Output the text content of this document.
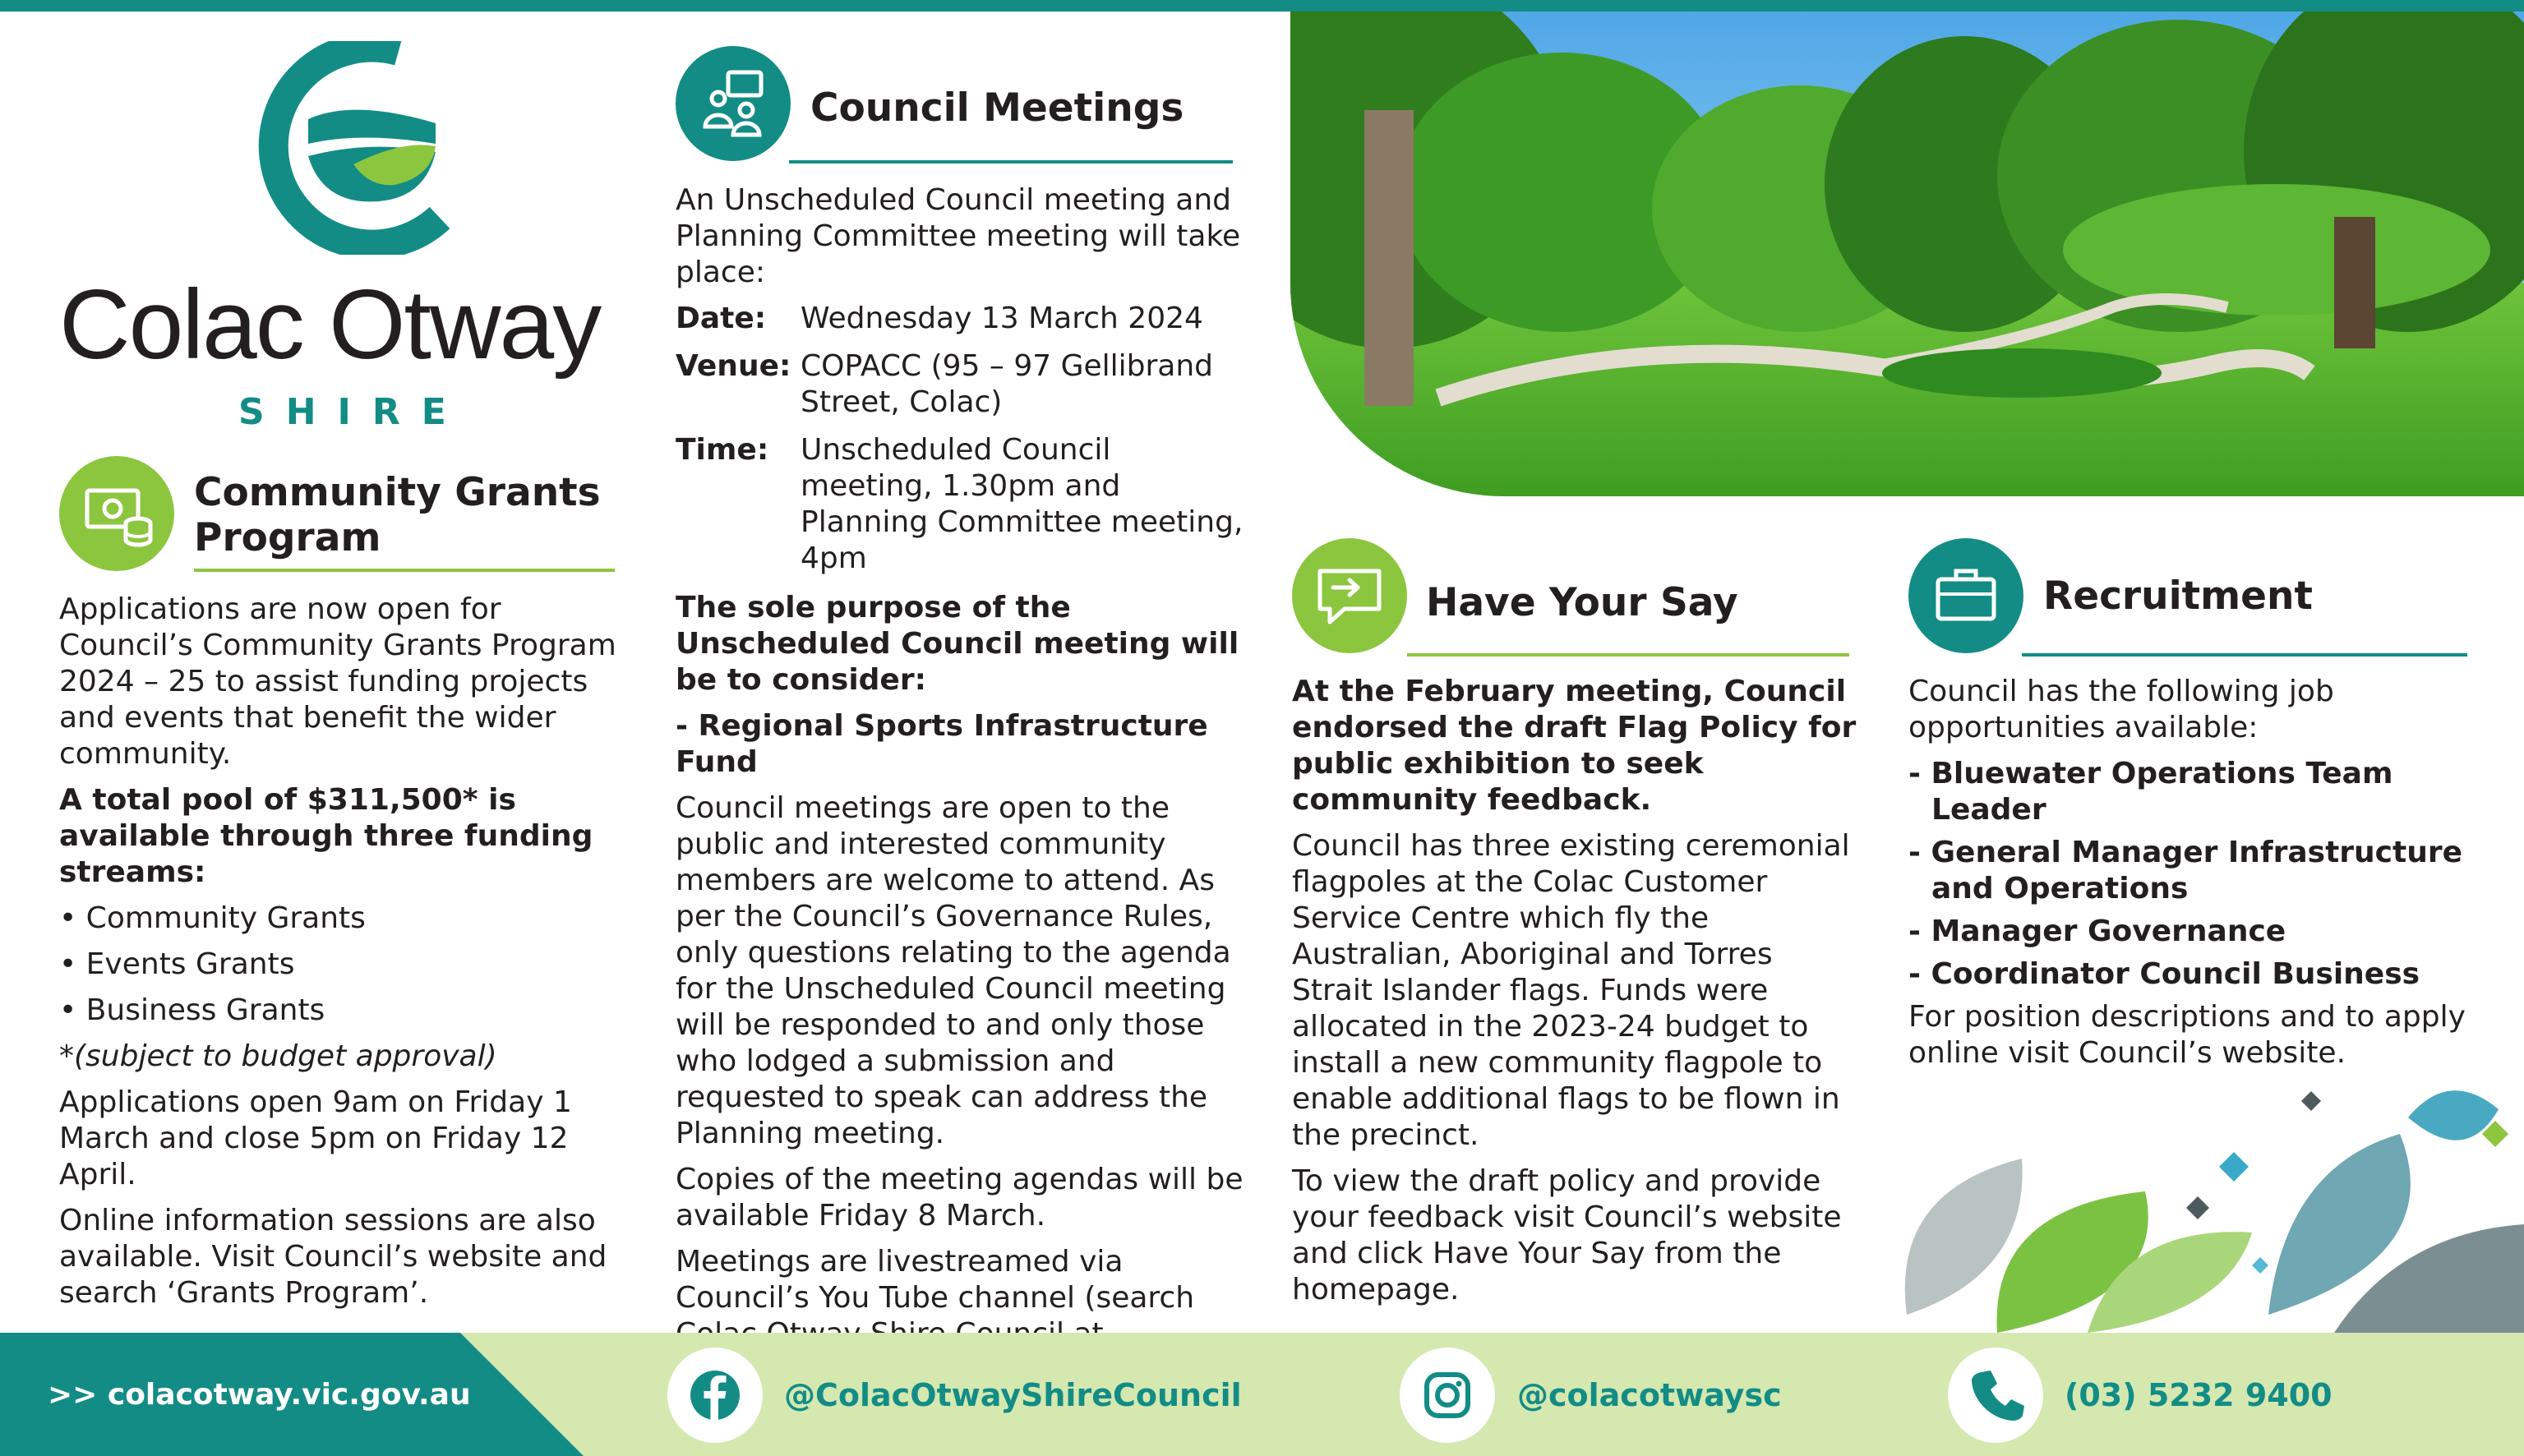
Colac Otway
SHIRE
Community Grants
Program

Applications are now open for Council’s Community Grants Program 2024 – 25 to assist funding projects and events that benefit the wider community.

A total pool of $311,500* is available through three funding streams:

• Community Grants
• Events Grants
• Business Grants

*(subject to budget approval)

Applications open 9am on Friday 1 March and close 5pm on Friday 12 April.

Online information sessions are also available. Visit Council’s website and search ‘Grants Program’.

Council Meetings

An Unscheduled Council meeting and Planning Committee meeting will take place:

Date:	Wednesday 13 March 2024
Venue: COPACC (95 – 97 Gellibrand Street, Colac)
Time:	Unscheduled Council meeting, 1.30pm and Planning Committee meeting, 4pm

The sole purpose of the Unscheduled Council meeting will be to consider:

- Regional Sports Infrastructure Fund

Council meetings are open to the public and interested community members are welcome to attend. As per the Council’s Governance Rules, only questions relating to the agenda for the Unscheduled Council meeting will be responded to and only those who lodged a submission and requested to speak can address the Planning meeting.

Copies of the meeting agendas will be available Friday 8 March.

Meetings are livestreamed via Council’s You Tube channel (search

Have Your Say

At the February meeting, Council endorsed the draft Flag Policy for public exhibition to seek community feedback.

Council has three existing ceremonial flagpoles at the Colac Customer Service Centre which fly the Australian, Aboriginal and Torres Strait Islander flags. Funds were allocated in the 2023-24 budget to install a new community flagpole to enable additional flags to be flown in the precinct.

To view the draft policy and provide your feedback visit Council’s website and click Have Your Say from the homepage.

Recruitment

Council has the following job opportunities available:

- Bluewater Operations Team Leader
- General Manager Infrastructure and Operations
- Manager Governance
- Coordinator Council Business

For position descriptions and to apply online visit Council’s website.

>> colacotway.vic.gov.au	@ColacOtwayShireCouncil	@colacotwaysc	(03) 5232 9400
